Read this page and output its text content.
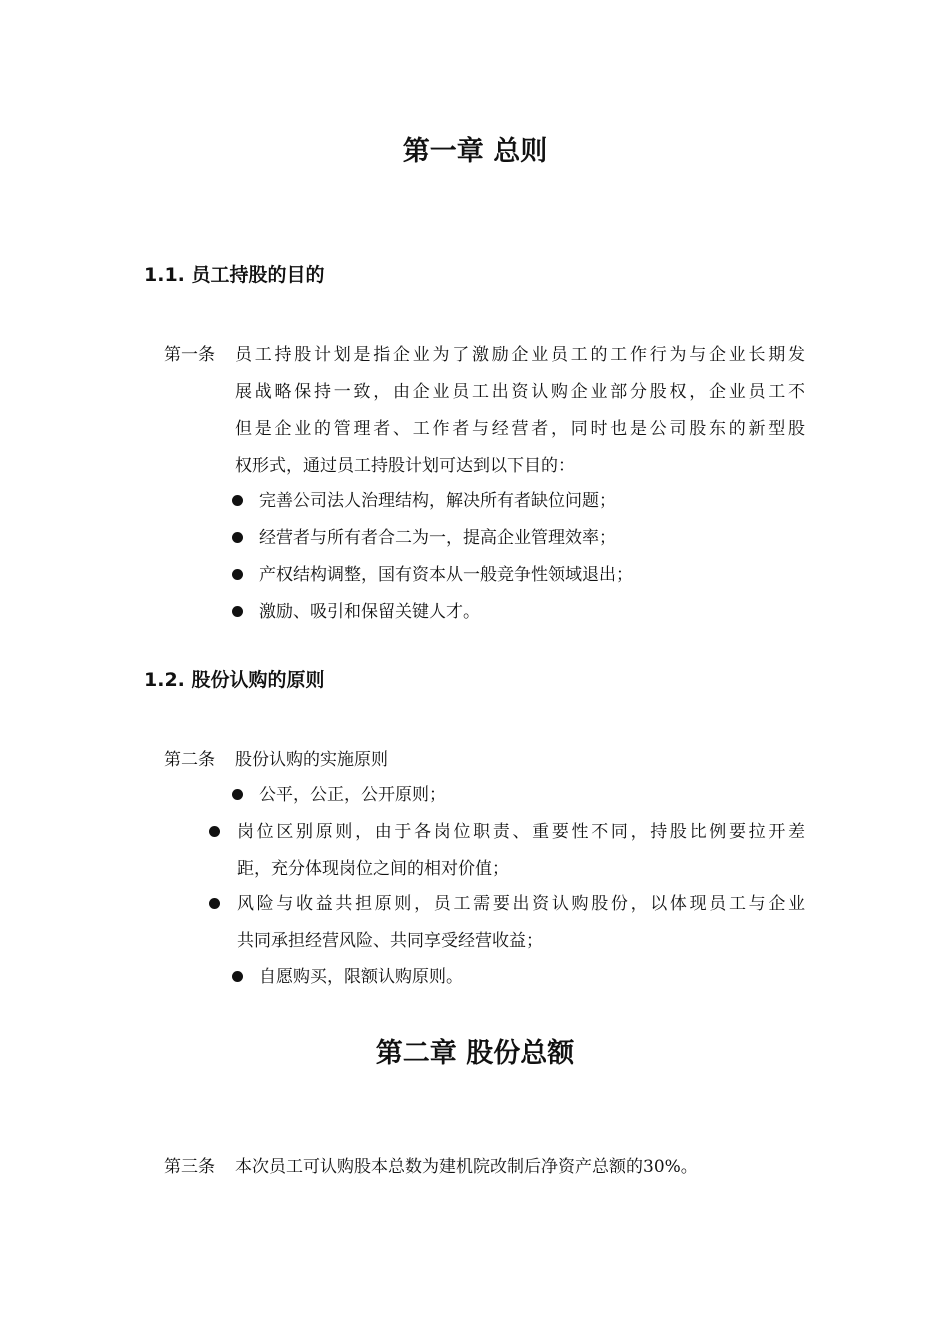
第一章 总则
1.1. 员工持股的目的
第一条 员工持股计划是指企业为了激励企业员工的工作行为与企业长期发
展战略保持一致，由企业员工出资认购企业部分股权，企业员工不
但是企业的管理者、工作者与经营者，同时也是公司股东的新型股
权形式，通过员工持股计划可达到以下目的：
完善公司法人治理结构，解决所有者缺位问题；
经营者与所有者合二为一，提高企业管理效率；
产权结构调整，国有资本从一般竞争性领域退出；
激励、吸引和保留关键人才。
1.2. 股份认购的原则
第二条 股份认购的实施原则
公平，公正，公开原则；
岗位区别原则，由于各岗位职责、重要性不同，持股比例要拉开差
距，充分体现岗位之间的相对价值；
风险与收益共担原则，员工需要出资认购股份，以体现员工与企业
共同承担经营风险、共同享受经营收益；
自愿购买，限额认购原则。
第二章 股份总额
第三条 本次员工可认购股本总数为建机院改制后净资产总额的30%。
